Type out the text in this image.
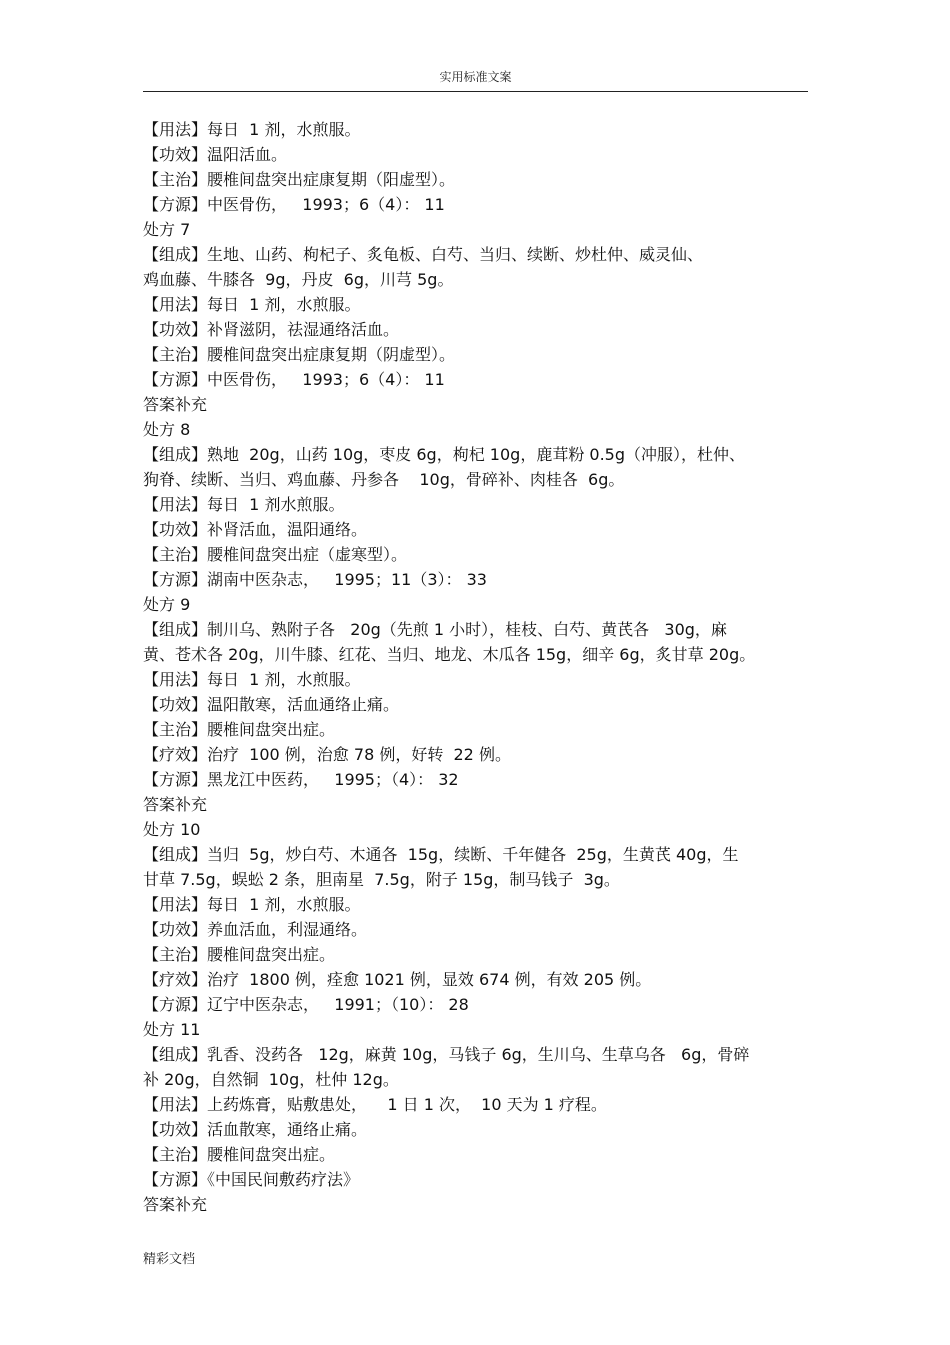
实用标准文案
【用法】每日  1 剂，水煎服。
【功效】温阳活血。
【主治】腰椎间盘突出症康复期（阳虚型）。
【方源】中医骨伤，   1993；6（4）： 11
处方 7
【组成】生地、山药、枸杞子、炙龟板、白芍、当归、续断、炒杜仲、威灵仙、
鸡血藤、牛膝各  9g，丹皮  6g，川芎 5g。
【用法】每日  1 剂，水煎服。
【功效】补肾滋阴，祛湿通络活血。
【主治】腰椎间盘突出症康复期（阴虚型）。
【方源】中医骨伤，   1993；6（4）： 11
答案补充
处方 8
【组成】熟地  20g，山药 10g，枣皮 6g，枸杞 10g，鹿茸粉 0.5g（冲服），杜仲、
狗脊、续断、当归、鸡血藤、丹参各    10g，骨碎补、肉桂各  6g。
【用法】每日  1 剂水煎服。
【功效】补肾活血，温阳通络。
【主治】腰椎间盘突出症（虚寒型）。
【方源】湖南中医杂志，   1995；11（3）： 33
处方 9
【组成】制川乌、熟附子各   20g（先煎 1 小时），桂枝、白芍、黄芪各   30g，麻
黄、苍术各 20g，川牛膝、红花、当归、地龙、木瓜各 15g，细辛 6g，炙甘草 20g。
【用法】每日  1 剂，水煎服。
【功效】温阳散寒，活血通络止痛。
【主治】腰椎间盘突出症。
【疗效】治疗  100 例，治愈 78 例，好转  22 例。
【方源】黑龙江中医药，   1995；（4）： 32
答案补充
处方 10
【组成】当归  5g，炒白芍、木通各  15g，续断、千年健各  25g，生黄芪 40g，生
甘草 7.5g，蜈蚣 2 条，胆南星  7.5g，附子 15g，制马钱子  3g。
【用法】每日  1 剂，水煎服。
【功效】养血活血，利湿通络。
【主治】腰椎间盘突出症。
【疗效】治疗  1800 例，痊愈 1021 例，显效 674 例，有效 205 例。
【方源】辽宁中医杂志，   1991；（10）： 28
处方 11
【组成】乳香、没药各   12g，麻黄 10g，马钱子 6g，生川乌、生草乌各   6g，骨碎
补 20g，自然铜  10g，杜仲 12g。
【用法】上药炼膏，贴敷患处，    1 日 1 次，  10 天为 1 疗程。
【功效】活血散寒，通络止痛。
【主治】腰椎间盘突出症。
【方源】《中国民间敷药疗法》
答案补充
精彩文档
